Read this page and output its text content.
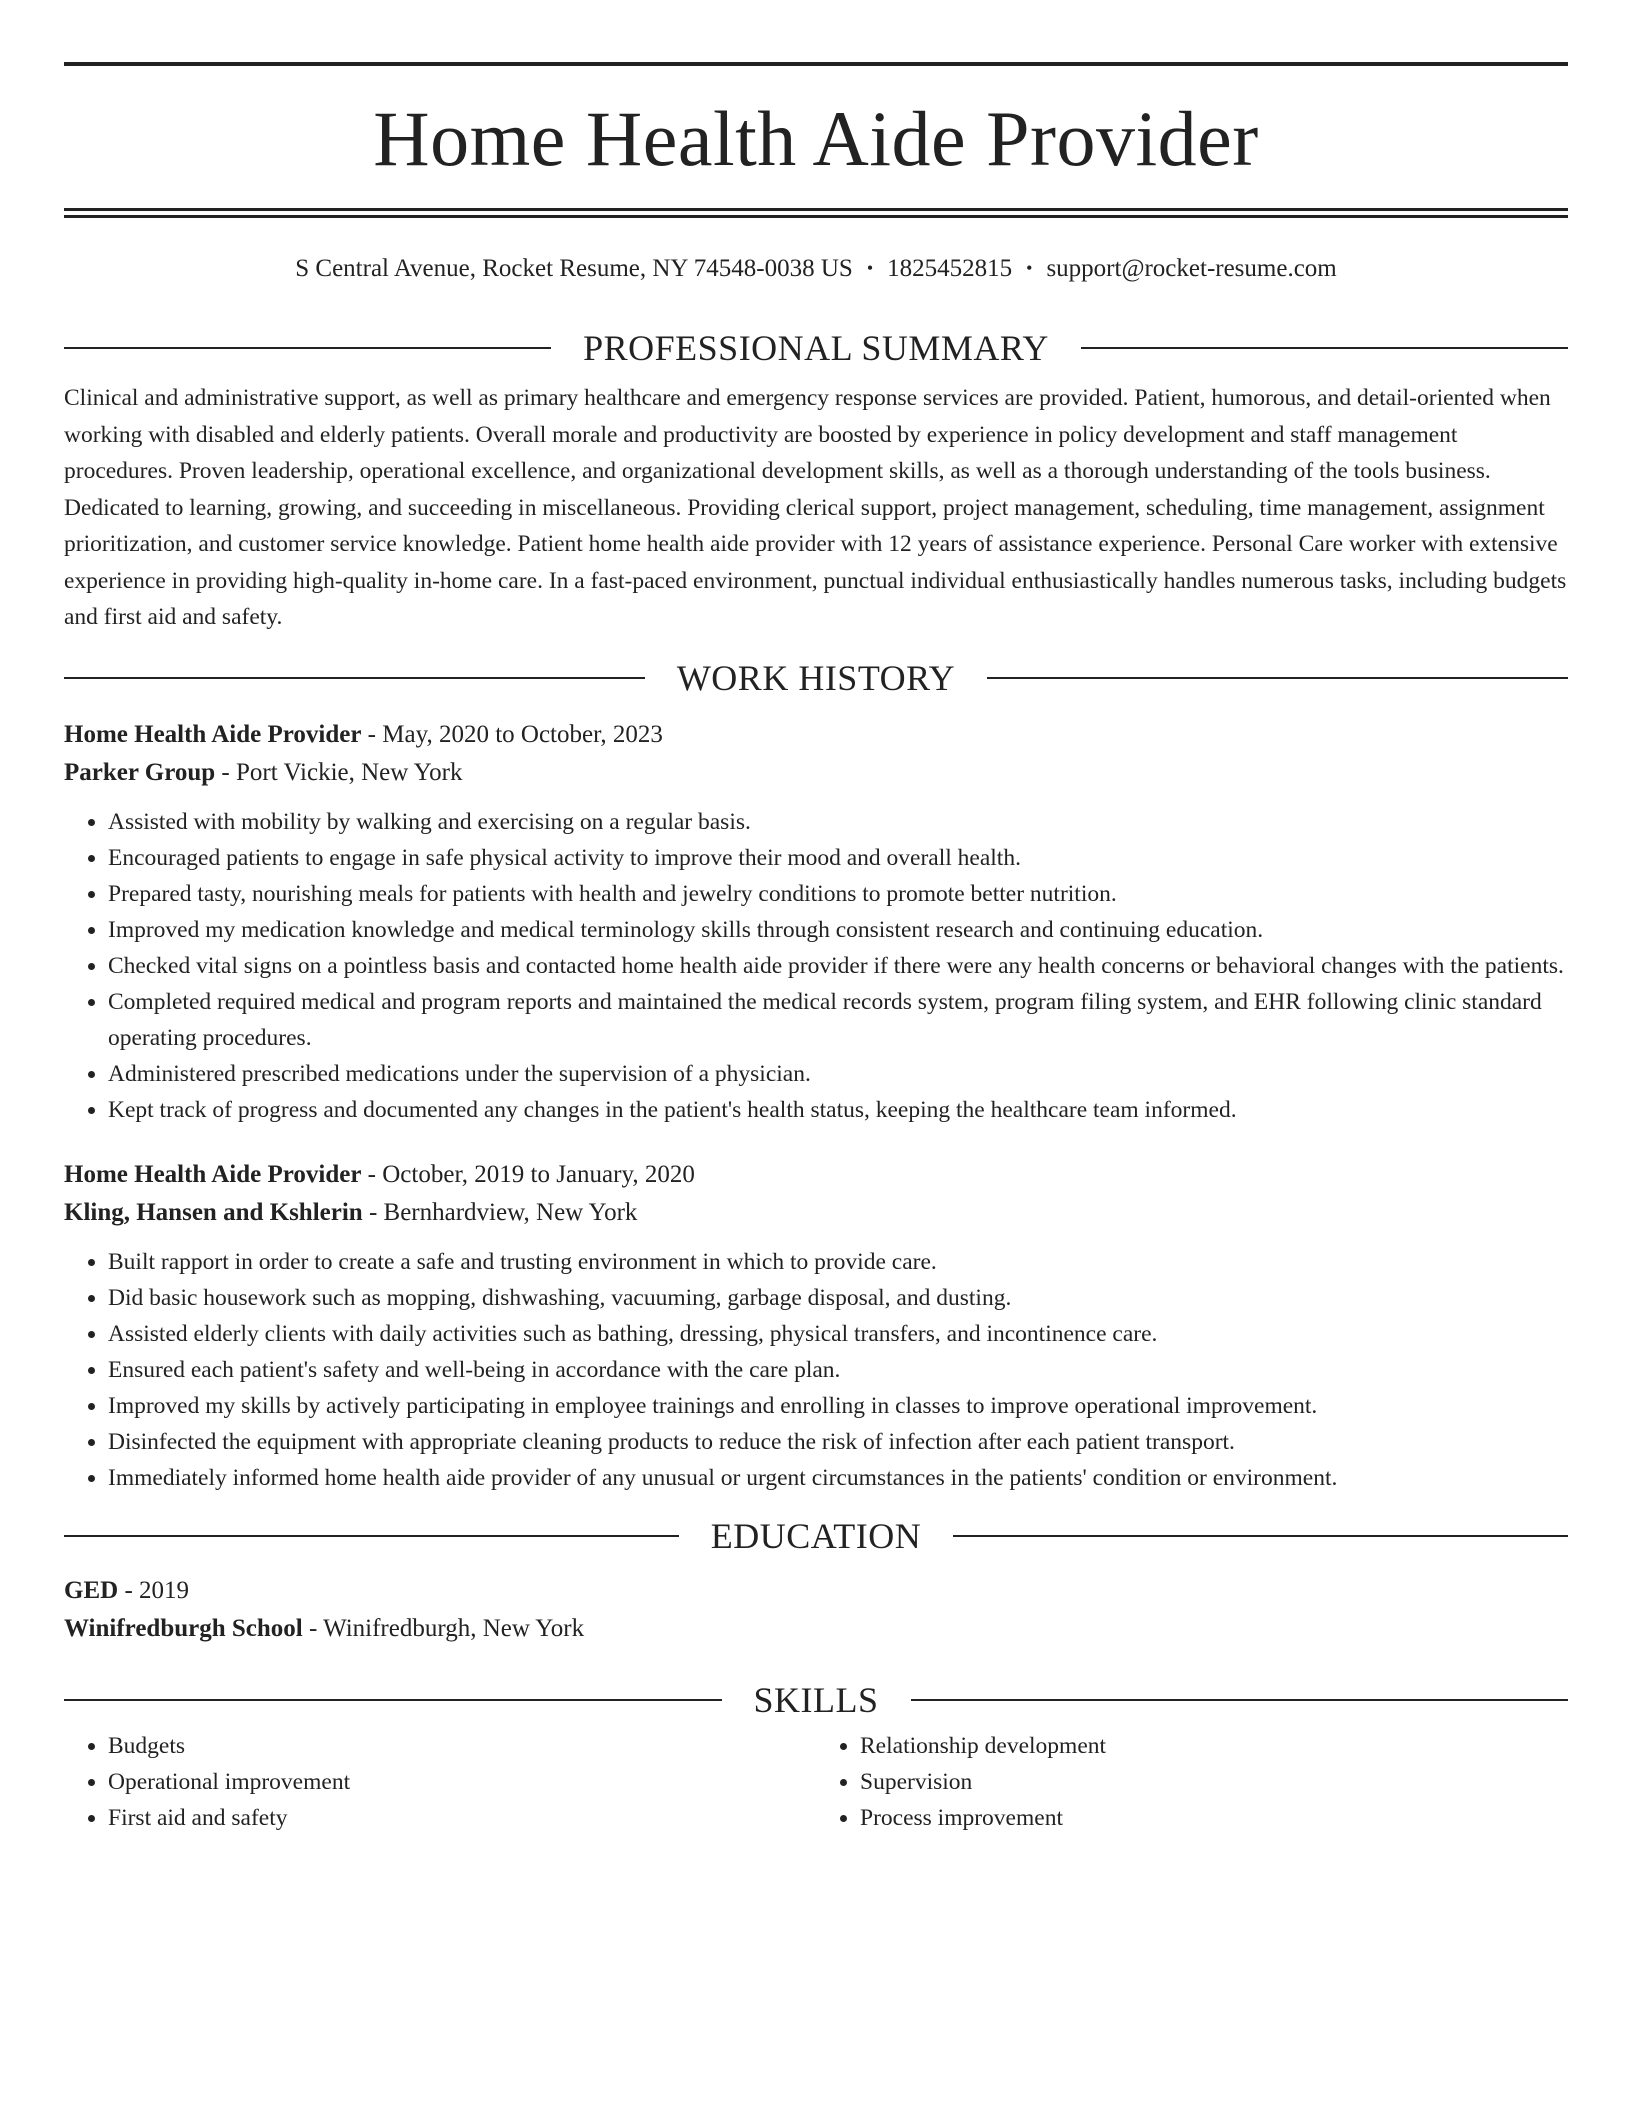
Home Health Aide Provider
S Central Avenue, Rocket Resume, NY 74548-0038 US • 1825452815 • support@rocket-resume.com
PROFESSIONAL SUMMARY

Clinical and administrative support, as well as primary healthcare and emergency response services are provided. Patient, humorous, and detail-oriented when working with disabled and elderly patients. Overall morale and productivity are boosted by experience in policy development and staff management procedures. Proven leadership, operational excellence, and organizational development skills, as well as a thorough understanding of the tools business. Dedicated to learning, growing, and succeeding in miscellaneous. Providing clerical support, project management, scheduling, time management, assignment prioritization, and customer service knowledge. Patient home health aide provider with 12 years of assistance experience. Personal Care worker with extensive experience in providing high-quality in-home care. In a fast-paced environment, punctual individual enthusiastically handles numerous tasks, including budgets and first aid and safety.

WORK HISTORY

Home Health Aide Provider - May, 2020 to October, 2023

Parker Group - Port Vickie, New York

• Assisted with mobility by walking and exercising on a regular basis.
• Encouraged patients to engage in safe physical activity to improve their mood and overall health.
• Prepared tasty, nourishing meals for patients with health and jewelry conditions to promote better nutrition.
• Improved my medication knowledge and medical terminology skills through consistent research and continuing education.
• Checked vital signs on a pointless basis and contacted home health aide provider if there were any health concerns or behavioral changes with the patients.
• Completed required medical and program reports and maintained the medical records system, program filing system, and EHR following clinic standard operating procedures.
• Administered prescribed medications under the supervision of a physician.
• Kept track of progress and documented any changes in the patient's health status, keeping the healthcare team informed.

Home Health Aide Provider - October, 2019 to January, 2020

Kling, Hansen and Kshlerin - Bernhardview, New York

• Built rapport in order to create a safe and trusting environment in which to provide care.
• Did basic housework such as mopping, dishwashing, vacuuming, garbage disposal, and dusting.
• Assisted elderly clients with daily activities such as bathing, dressing, physical transfers, and incontinence care.
• Ensured each patient's safety and well-being in accordance with the care plan.
• Improved my skills by actively participating in employee trainings and enrolling in classes to improve operational improvement.
• Disinfected the equipment with appropriate cleaning products to reduce the risk of infection after each patient transport.
• Immediately informed home health aide provider of any unusual or urgent circumstances in the patients' condition or environment.
EDUCATION

GED - 2019

Winifredburgh School - Winifredburgh, New York

SKILLS
• Budgets
• Operational improvement
• First aid and safety
• Relationship development
• Supervision
• Process improvement
